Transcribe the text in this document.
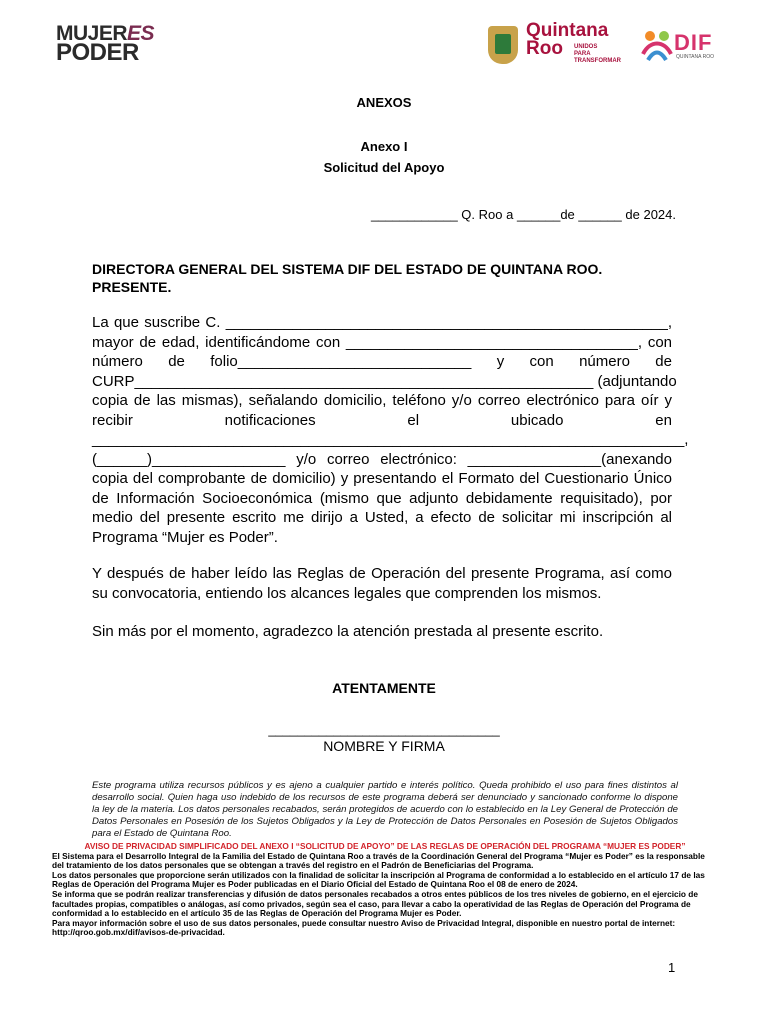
MUJERES
PODER
Quintana
Roo	UNIDOS PARA TRANSFORMAR
DIF
QUINTANA ROO
ANEXOS
Anexo I
Solicitud del Apoyo
____________ Q. Roo a ______de ______ de 2024.
DIRECTORA GENERAL DEL SISTEMA DIF DEL ESTADO DE QUINTANA ROO.
PRESENTE.
La que suscribe C. _____________________________________________________,
mayor de edad, identificándome con ___________________________________, con
número de folio____________________________ y con número de
CURP_______________________________________________________ (adjuntando
copia de las mismas), señalando domicilio, teléfono y/o correo electrónico para oír y
recibir notificaciones el ubicado en
_______________________________________________________________________,
(______)________________ y/o correo electrónico: ________________(anexando
copia del comprobante de domicilio) y presentando el Formato del Cuestionario Único
de Información Socioeconómica (mismo que adjunto debidamente requisitado), por
medio del presente escrito me dirijo a Usted, a efecto de solicitar mi inscripción al
Programa “Mujer es Poder”.
Y después de haber leído las Reglas de Operación del presente Programa, así como
su convocatoria, entiendo los alcances legales que comprenden los mismos.
Sin más por el momento, agradezco la atención prestada al presente escrito.
ATENTAMENTE
________________________________
NOMBRE Y FIRMA
Este programa utiliza recursos públicos y es ajeno a cualquier partido e interés político. Queda prohibido el uso para fines distintos al desarrollo social. Quien haga uso indebido de los recursos de este programa deberá ser denunciado y sancionado conforme lo dispone la ley de la materia. Los datos personales recabados, serán protegidos de acuerdo con lo establecido en la Ley General de Protección de Datos Personales en Posesión de los Sujetos Obligados y la Ley de Protección de Datos Personales en Posesión de Sujetos Obligados para el Estado de Quintana Roo.
AVISO DE PRIVACIDAD SIMPLIFICADO DEL ANEXO I “SOLICITUD DE APOYO” DE LAS REGLAS DE OPERACIÓN DEL PROGRAMA “MUJER ES PODER”
El Sistema para el Desarrollo Integral de la Familia del Estado de Quintana Roo a través de la Coordinación General del Programa “Mujer es Poder” es la responsable del tratamiento de los datos personales que se obtengan a través del registro en el Padrón de Beneficiarias del Programa.
Los datos personales que proporcione serán utilizados con la finalidad de solicitar la inscripción al Programa de conformidad a lo establecido en el artículo 17 de las Reglas de Operación del Programa Mujer es Poder publicadas en el Diario Oficial del Estado de Quintana Roo el 08 de enero de 2024.
Se informa que se podrán realizar transferencias y difusión de datos personales recabados a otros entes públicos de los tres niveles de gobierno, en el ejercicio de facultades propias, compatibles o análogas, así como privados, según sea el caso, para llevar a cabo la operatividad de las Reglas de Operación del Programa de conformidad a lo establecido en el artículo 35 de las Reglas de Operación del Programa Mujer es Poder.
Para mayor información sobre el uso de sus datos personales, puede consultar nuestro Aviso de Privacidad Integral, disponible en nuestro portal de internet: http://qroo.gob.mx/dif/avisos-de-privacidad.
1
